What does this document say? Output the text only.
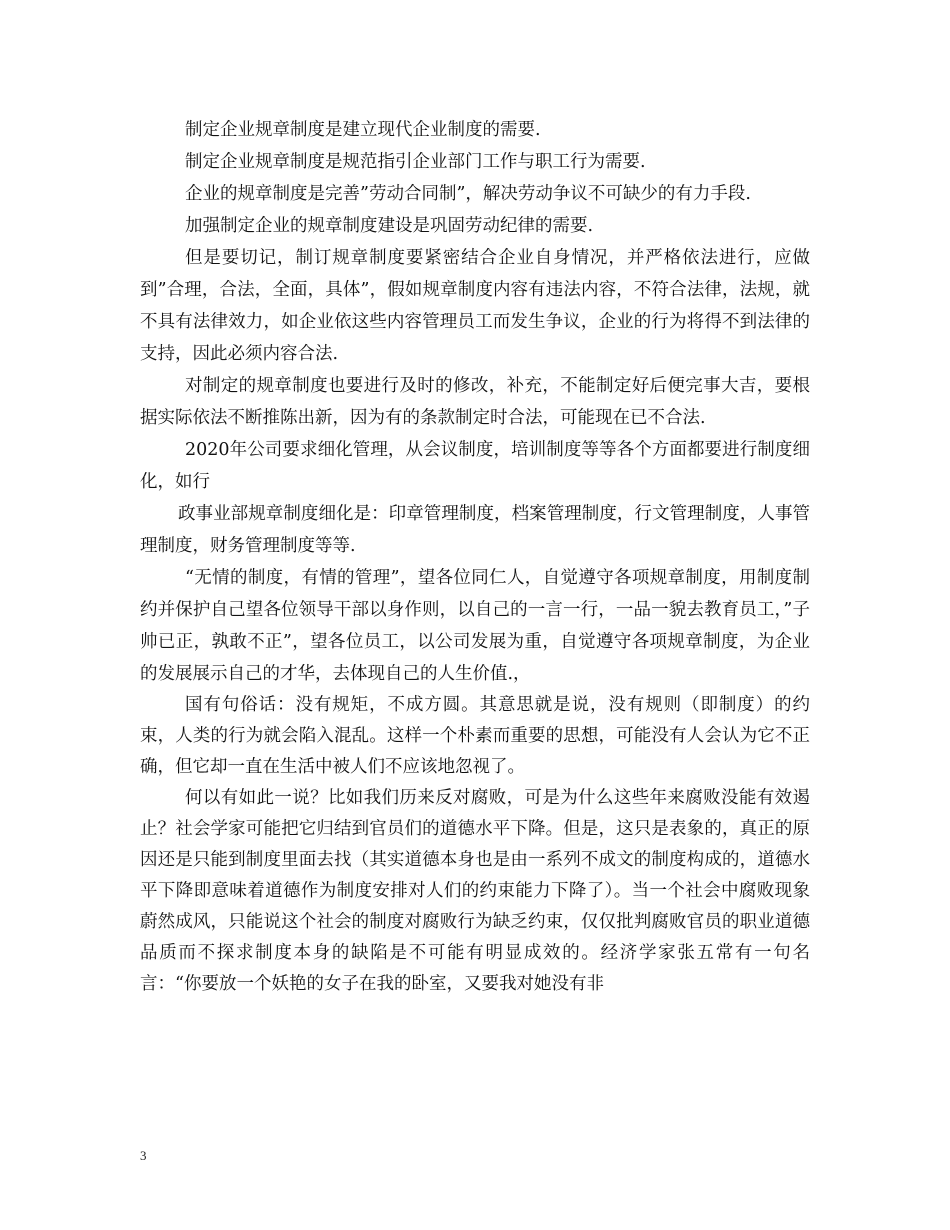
制定企业规章制度是建立现代企业制度的需要.

制定企业规章制度是规范指引企业部门工作与职工行为需要.

企业的规章制度是完善”劳动合同制”，解决劳动争议不可缺少的有力手段.

加强制定企业的规章制度建设是巩固劳动纪律的需要.

但是要切记，制订规章制度要紧密结合企业自身情况，并严格依法进行，应做到”合理，合法，全面，具体”，假如规章制度内容有违法内容，不符合法律，法规，就不具有法律效力，如企业依这些内容管理员工而发生争议，企业的行为将得不到法律的支持，因此必须内容合法.

对制定的规章制度也要进行及时的修改，补充，不能制定好后便完事大吉，要根据实际依法不断推陈出新，因为有的条款制定时合法，可能现在已不合法.

2020年公司要求细化管理，从会议制度，培训制度等等各个方面都要进行制度细化，如行

政事业部规章制度细化是：印章管理制度，档案管理制度，行文管理制度，人事管理制度，财务管理制度等等.

“无情的制度，有情的管理”，望各位同仁人，自觉遵守各项规章制度，用制度制约并保护自己望各位领导干部以身作则，以自己的一言一行，一品一貌去教育员工，”子帅已正，孰敢不正”，望各位员工，以公司发展为重，自觉遵守各项规章制度，为企业的发展展示自己的才华，去体现自己的人生价值.，

国有句俗话：没有规矩，不成方圆。其意思就是说，没有规则（即制度）的约束，人类的行为就会陷入混乱。这样一个朴素而重要的思想，可能没有人会认为它不正确，但它却一直在生活中被人们不应该地忽视了。

何以有如此一说？比如我们历来反对腐败，可是为什么这些年来腐败没能有效遏止？社会学家可能把它归结到官员们的道德水平下降。但是，这只是表象的，真正的原因还是只能到制度里面去找（其实道德本身也是由一系列不成文的制度构成的，道德水平下降即意味着道德作为制度安排对人们的约束能力下降了）。当一个社会中腐败现象蔚然成风，只能说这个社会的制度对腐败行为缺乏约束，仅仅批判腐败官员的职业道德品质而不探求制度本身的缺陷是不可能有明显成效的。经济学家张五常有一句名言：“你要放一个妖艳的女子在我的卧室，又要我对她没有非

3
